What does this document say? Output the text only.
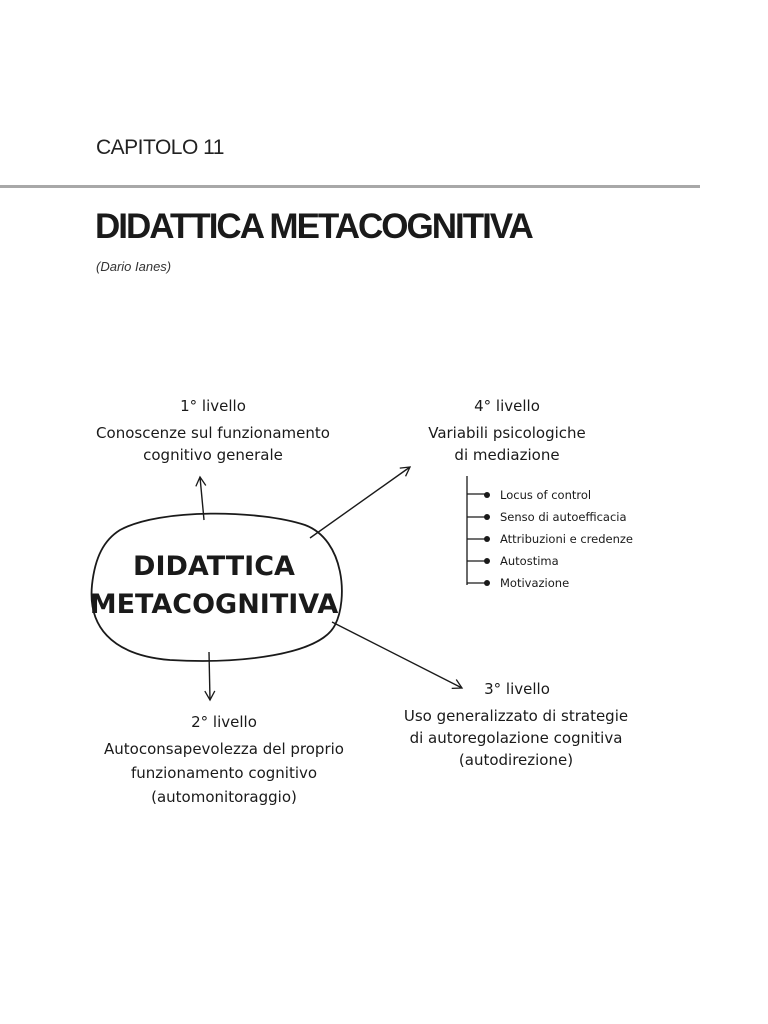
CAPITOLO 11
DIDATTICA METACOGNITIVA
(Dario Ianes)
DIDATTICA
METACOGNITIVA
1° livello
Conoscenze sul funzionamento
cognitivo generale
4° livello
Variabili psicologiche
di mediazione
Locus of control
Senso di autoefficacia
Attribuzioni e credenze
Autostima
Motivazione
3° livello
Uso generalizzato di strategie
di autoregolazione cognitiva
(autodirezione)
2° livello
Autoconsapevolezza del proprio
funzionamento cognitivo
(automonitoraggio)
